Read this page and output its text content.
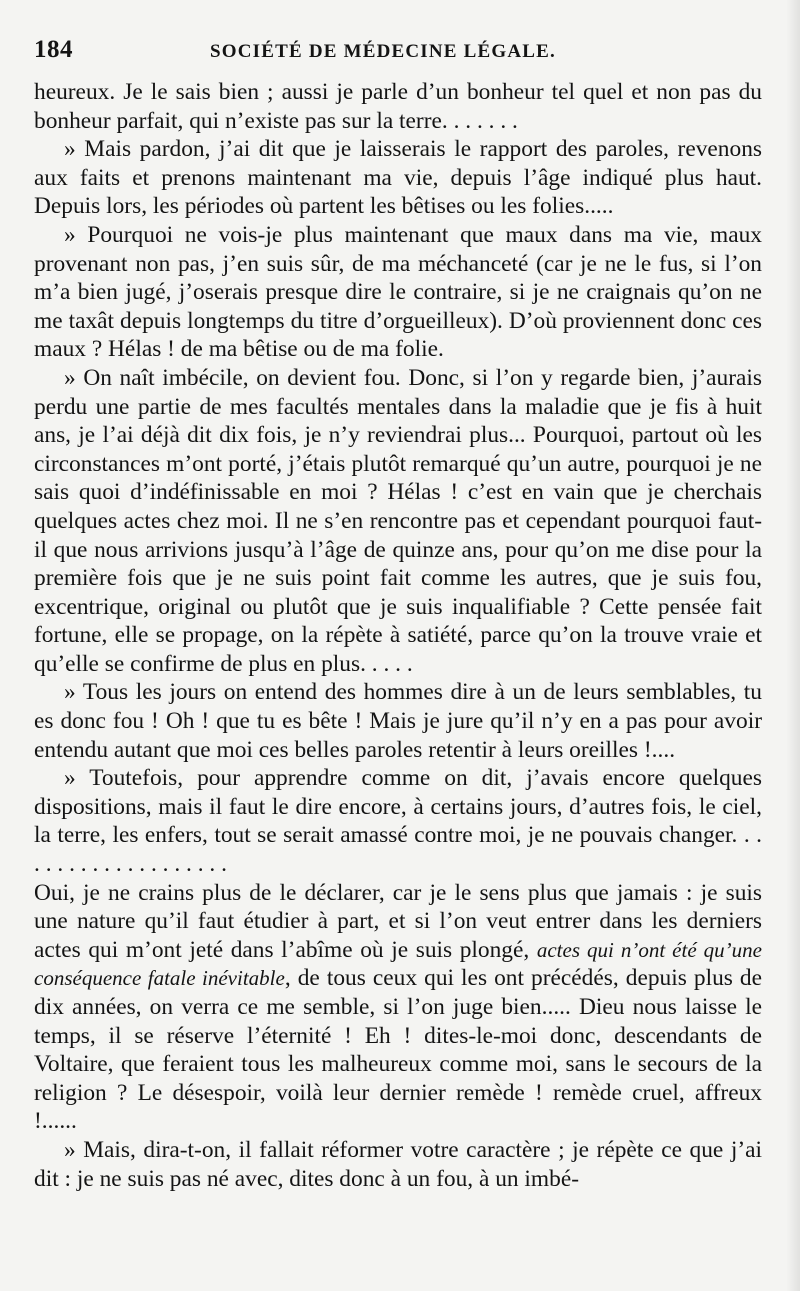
184	SOCIÉTÉ DE MÉDECINE LÉGALE.

heureux. Je le sais bien ; aussi je parle d’un bonheur tel quel et non pas du bonheur parfait, qui n’existe pas sur la terre. . . . . . .

» Mais pardon, j’ai dit que je laisserais le rapport des paroles, revenons aux faits et prenons maintenant ma vie, depuis l’âge indiqué plus haut. Depuis lors, les périodes où partent les bêtises ou les folies.....

» Pourquoi ne vois-je plus maintenant que maux dans ma vie, maux provenant non pas, j’en suis sûr, de ma méchanceté (car je ne le fus, si l’on m’a bien jugé, j’oserais presque dire le contraire, si je ne craignais qu’on ne me taxât depuis longtemps du titre d’orgueilleux). D’où proviennent donc ces maux ? Hélas ! de ma bêtise ou de ma folie.

» On naît imbécile, on devient fou. Donc, si l’on y regarde bien, j’aurais perdu une partie de mes facultés mentales dans la maladie que je fis à huit ans, je l’ai déjà dit dix fois, je n’y reviendrai plus... Pourquoi, partout où les circonstances m’ont porté, j’étais plutôt remarqué qu’un autre, pourquoi je ne sais quoi d’indéfinissable en moi ? Hélas ! c’est en vain que je cherchais quelques actes chez moi. Il ne s’en rencontre pas et cependant pourquoi faut-il que nous arrivions jusqu’à l’âge de quinze ans, pour qu’on me dise pour la première fois que je ne suis point fait comme les autres, que je suis fou, excentrique, original ou plutôt que je suis inqualifiable ? Cette pensée fait fortune, elle se propage, on la répète à satiété, parce qu’on la trouve vraie et qu’elle se confirme de plus en plus. . . . .

» Tous les jours on entend des hommes dire à un de leurs semblables, tu es donc fou ! Oh ! que tu es bête ! Mais je jure qu’il n’y en a pas pour avoir entendu autant que moi ces belles paroles retentir à leurs oreilles !....

» Toutefois, pour apprendre comme on dit, j’avais encore quelques dispositions, mais il faut le dire encore, à certains jours, d’autres fois, le ciel, la terre, les enfers, tout se serait amassé contre moi, je ne pouvais changer. . . . . . . . . . . . . . . . . . . .

Oui, je ne crains plus de le déclarer, car je le sens plus que jamais : je suis une nature qu’il faut étudier à part, et si l’on veut entrer dans les derniers actes qui m’ont jeté dans l’abîme où je suis plongé, actes qui n’ont été qu’une conséquence fatale inévitable, de tous ceux qui les ont précédés, depuis plus de dix années, on verra ce me semble, si l’on juge bien..... Dieu nous laisse le temps, il se réserve l’éternité ! Eh ! dites-le-moi donc, descendants de Voltaire, que feraient tous les malheureux comme moi, sans le secours de la religion ? Le désespoir, voilà leur dernier remède ! remède cruel, affreux !......

» Mais, dira-t-on, il fallait réformer votre caractère ; je répète ce que j’ai dit : je ne suis pas né avec, dites donc à un fou, à un imbé-
